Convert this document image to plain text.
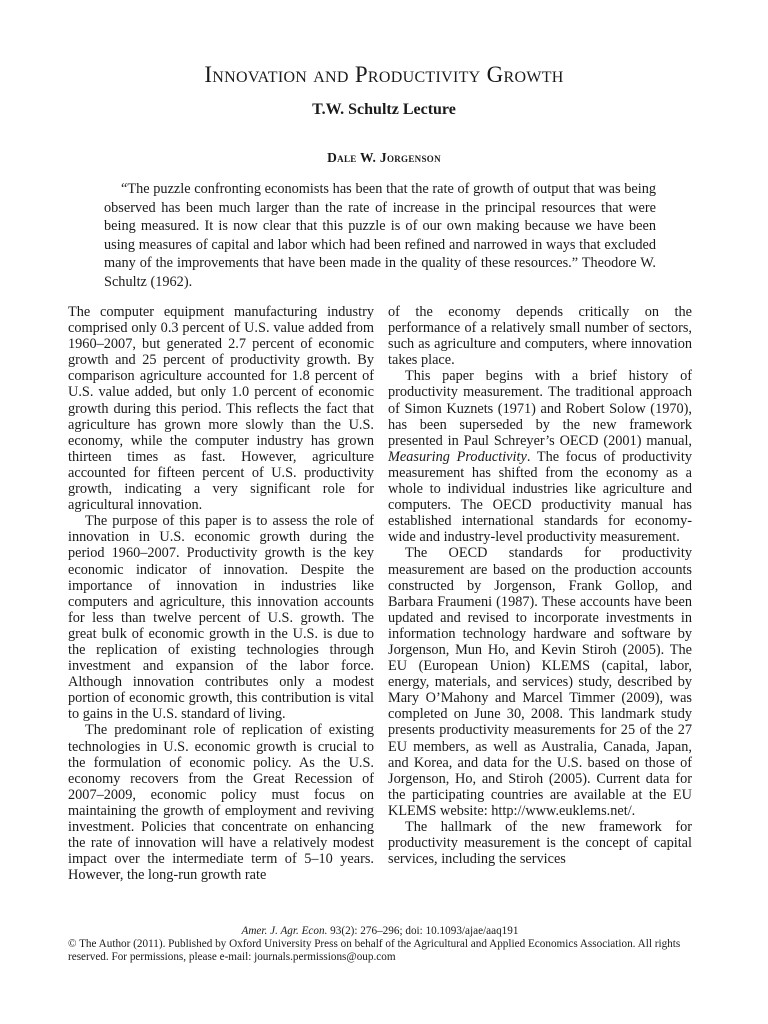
Innovation and Productivity Growth
T.W. Schultz Lecture
Dale W. Jorgenson
“The puzzle confronting economists has been that the rate of growth of output that was being observed has been much larger than the rate of increase in the principal resources that were being measured. It is now clear that this puzzle is of our own making because we have been using measures of capital and labor which had been refined and narrowed in ways that excluded many of the improvements that have been made in the quality of these resources.” Theodore W. Schultz (1962).

The computer equipment manufacturing industry comprised only 0.3 percent of U.S. value added from 1960–2007, but generated 2.7 percent of economic growth and 25 percent of productivity growth. By comparison agriculture accounted for 1.8 percent of U.S. value added, but only 1.0 percent of economic growth during this period. This reflects the fact that agriculture has grown more slowly than the U.S. economy, while the computer industry has grown thirteen times as fast. However, agriculture accounted for fifteen percent of U.S. productivity growth, indicating a very significant role for agricultural innovation.

The purpose of this paper is to assess the role of innovation in U.S. economic growth during the period 1960–2007. Productivity growth is the key economic indicator of innovation. Despite the importance of innovation in industries like computers and agriculture, this innovation accounts for less than twelve percent of U.S. growth. The great bulk of economic growth in the U.S. is due to the replication of existing technologies through investment and expansion of the labor force. Although innovation contributes only a modest portion of economic growth, this contribution is vital to gains in the U.S. standard of living.

The predominant role of replication of existing technologies in U.S. economic growth is crucial to the formulation of economic policy. As the U.S. economy recovers from the Great Recession of 2007–2009, economic policy must focus on maintaining the growth of employment and reviving investment. Policies that concentrate on enhancing the rate of innovation will have a relatively modest impact over the intermediate term of 5–10 years. However, the long-run growth rate

of the economy depends critically on the performance of a relatively small number of sectors, such as agriculture and computers, where innovation takes place.

This paper begins with a brief history of productivity measurement. The traditional approach of Simon Kuznets (1971) and Robert Solow (1970), has been superseded by the new framework presented in Paul Schreyer’s OECD (2001) manual, Measuring Productivity. The focus of productivity measurement has shifted from the economy as a whole to individual industries like agriculture and computers. The OECD productivity manual has established international standards for economy-wide and industry-level productivity measurement.

The OECD standards for productivity measurement are based on the production accounts constructed by Jorgenson, Frank Gollop, and Barbara Fraumeni (1987). These accounts have been updated and revised to incorporate investments in information technology hardware and software by Jorgenson, Mun Ho, and Kevin Stiroh (2005). The EU (European Union) KLEMS (capital, labor, energy, materials, and services) study, described by Mary O’Mahony and Marcel Timmer (2009), was completed on June 30, 2008. This landmark study presents productivity measurements for 25 of the 27 EU members, as well as Australia, Canada, Japan, and Korea, and data for the U.S. based on those of Jorgenson, Ho, and Stiroh (2005). Current data for the participating countries are available at the EU KLEMS website: http://www.euklems.net/.

The hallmark of the new framework for productivity measurement is the concept of capital services, including the services

Amer. J. Agr. Econ. 93(2): 276–296; doi: 10.1093/ajae/aaq191
© The Author (2011). Published by Oxford University Press on behalf of the Agricultural and Applied Economics Association. All rights reserved. For permissions, please e-mail: journals.permissions@oup.com
